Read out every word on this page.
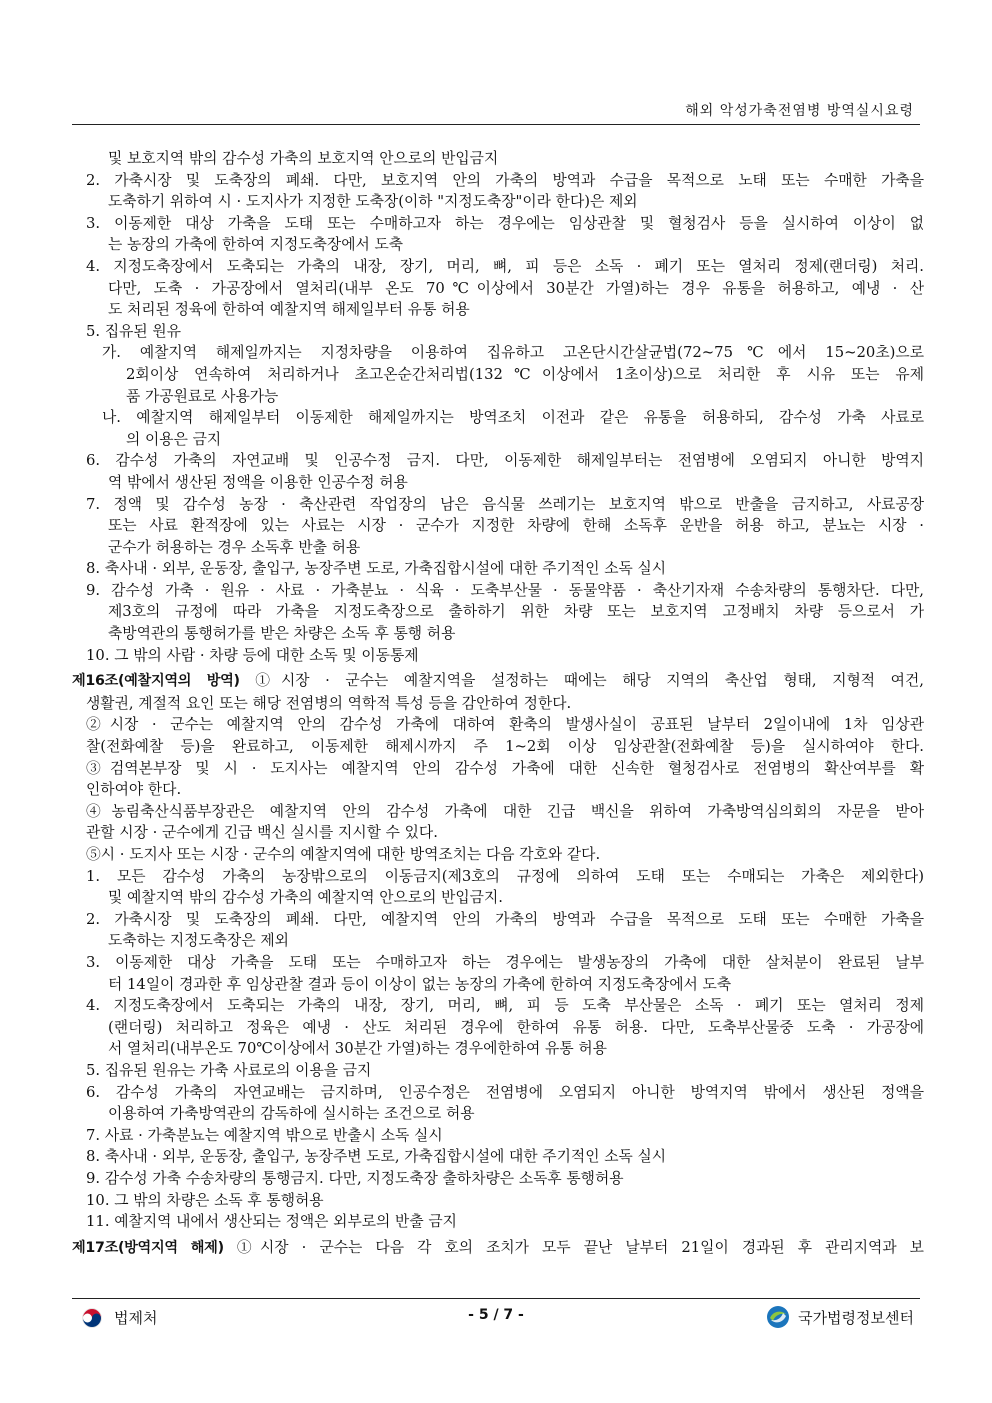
해외 악성가축전염병 방역실시요령
및 보호지역 밖의 감수성 가축의 보호지역 안으로의 반입금지
2. 가축시장 및 도축장의 폐쇄. 다만, 보호지역 안의 가축의 방역과 수급을 목적으로 노태 또는 수매한 가축을
도축하기 위하여 시 · 도지사가 지정한 도축장(이하 "지정도축장"이라 한다)은 제외
3. 이동제한 대상 가축을 도태 또는 수매하고자 하는 경우에는 임상관찰 및 혈청검사 등을 실시하여 이상이 없
는 농장의 가축에 한하여 지정도축장에서 도축
4. 지정도축장에서 도축되는 가축의 내장, 장기, 머리, 뼈, 피 등은 소독 · 폐기 또는 열처리 정제(랜더링) 처리.
다만, 도축 · 가공장에서 열처리(내부 온도 70℃이상에서 30분간 가열)하는 경우 유통을 허용하고, 예냉 · 산
도 처리된 정육에 한하여 예찰지역 해제일부터 유통 허용
5. 집유된 원유
가. 예찰지역 해제일까지는 지정차량을 이용하여 집유하고 고온단시간살균법(72~75℃에서 15~20초)으로
2회이상 연속하여 처리하거나 초고온순간처리법(132℃이상에서 1초이상)으로 처리한 후 시유 또는 유제
품 가공원료로 사용가능
나. 예찰지역 해제일부터 이동제한 해제일까지는 방역조치 이전과 같은 유통을 허용하되, 감수성 가축 사료로
의 이용은 금지
6. 감수성 가축의 자연교배 및 인공수정 금지. 다만, 이동제한 해제일부터는 전염병에 오염되지 아니한 방역지
역 밖에서 생산된 정액을 이용한 인공수정 허용
7. 정액 및 감수성 농장 · 축산관련 작업장의 남은 음식물 쓰레기는 보호지역 밖으로 반출을 금지하고, 사료공장
또는 사료 환적장에 있는 사료는 시장 · 군수가 지정한 차량에 한해 소독후 운반을 허용 하고, 분뇨는 시장 ·
군수가 허용하는 경우 소독후 반출 허용
8. 축사내 · 외부, 운동장, 출입구, 농장주변 도로, 가축집합시설에 대한 주기적인 소독 실시
9. 감수성 가축 · 원유 · 사료 · 가축분뇨 · 식육 · 도축부산물 · 동물약품 · 축산기자재 수송차량의 통행차단. 다만,
제3호의 규정에 따라 가축을 지정도축장으로 출하하기 위한 차량 또는 보호지역 고정배치 차량 등으로서 가
축방역관의 통행허가를 받은 차량은 소독 후 통행 허용
10. 그 밖의 사람 · 차량 등에 대한 소독 및 이동통제
제16조(예찰지역의 방역) ①시장 · 군수는 예찰지역을 설정하는 때에는 해당 지역의 축산업 형태, 지형적 여건,
생활권, 계절적 요인 또는 해당 전염병의 역학적 특성 등을 감안하여 정한다.
②시장 · 군수는 예찰지역 안의 감수성 가축에 대하여 환축의 발생사실이 공표된 날부터 2일이내에 1차 임상관
찰(전화예찰 등)을 완료하고, 이동제한 해제시까지 주 1~2회 이상 임상관찰(전화예찰 등)을 실시하여야 한다.
③검역본부장 및 시 · 도지사는 예찰지역 안의 감수성 가축에 대한 신속한 혈청검사로 전염병의 확산여부를 확
인하여야 한다.
④농림축산식품부장관은 예찰지역 안의 감수성 가축에 대한 긴급 백신을 위하여 가축방역심의회의 자문을 받아
관할 시장 · 군수에게 긴급 백신 실시를 지시할 수 있다.
⑤시 · 도지사 또는 시장 · 군수의 예찰지역에 대한 방역조치는 다음 각호와 같다.
1. 모든 감수성 가축의 농장밖으로의 이동금지(제3호의 규정에 의하여 도태 또는 수매되는 가축은 제외한다)
및 예찰지역 밖의 감수성 가축의 예찰지역 안으로의 반입금지.
2. 가축시장 및 도축장의 폐쇄. 다만, 예찰지역 안의 가축의 방역과 수급을 목적으로 도태 또는 수매한 가축을
도축하는 지정도축장은 제외
3. 이동제한 대상 가축을 도태 또는 수매하고자 하는 경우에는 발생농장의 가축에 대한 살처분이 완료된 날부
터 14일이 경과한 후 임상관찰 결과 등이 이상이 없는 농장의 가축에 한하여 지정도축장에서 도축
4. 지정도축장에서 도축되는 가축의 내장, 장기, 머리, 뼈, 피 등 도축 부산물은 소독 · 폐기 또는 열처리 정제
(랜더링) 처리하고 정육은 예냉 · 산도 처리된 경우에 한하여 유통 허용. 다만, 도축부산물중 도축 · 가공장에
서 열처리(내부온도 70℃이상에서 30분간 가열)하는 경우에한하여 유통 허용
5. 집유된 원유는 가축 사료로의 이용을 금지
6. 감수성 가축의 자연교배는 금지하며, 인공수정은 전염병에 오염되지 아니한 방역지역 밖에서 생산된 정액을
이용하여 가축방역관의 감독하에 실시하는 조건으로 허용
7. 사료 · 가축분뇨는 예찰지역 밖으로 반출시 소독 실시
8. 축사내 · 외부, 운동장, 출입구, 농장주변 도로, 가축집합시설에 대한 주기적인 소독 실시
9. 감수성 가축 수송차량의 통행금지. 다만, 지정도축장 출하차량은 소독후 통행허용
10. 그 밖의 차량은 소독 후 통행허용
11. 예찰지역 내에서 생산되는 정액은 외부로의 반출 금지
제17조(방역지역 해제) ①시장 · 군수는 다음 각 호의 조치가 모두 끝난 날부터 21일이 경과된 후 관리지역과 보
법제처	- 5 / 7 -	국가법령정보센터
